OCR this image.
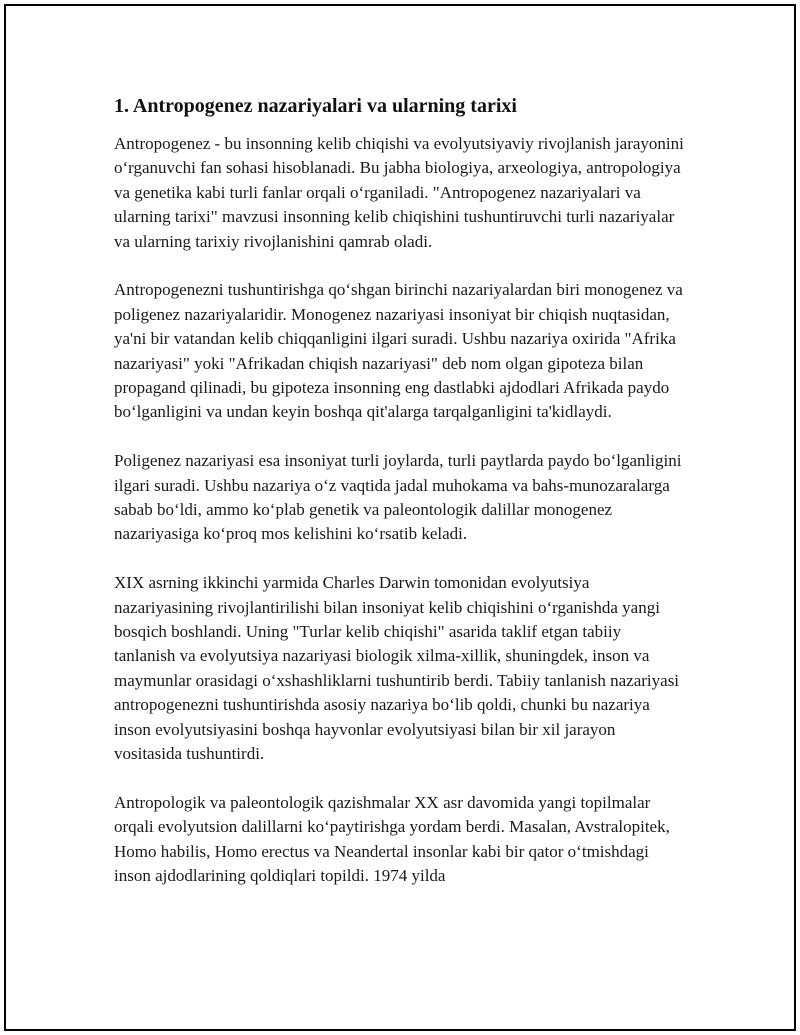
1. Antropogenez nazariyalari va ularning tarixi

Antropogenez - bu insonning kelib chiqishi va evolyutsiyaviy rivojlanish jarayonini oʻrganuvchi fan sohasi hisoblanadi. Bu jabha biologiya, arxeologiya, antropologiya va genetika kabi turli fanlar orqali oʻrganiladi. "Antropogenez nazariyalari va ularning tarixi" mavzusi insonning kelib chiqishini tushuntiruvchi turli nazariyalar va ularning tarixiy rivojlanishini qamrab oladi.

Antropogenezni tushuntirishga qoʻshgan birinchi nazariyalardan biri monogenez va poligenez nazariyalaridir. Monogenez nazariyasi insoniyat bir chiqish nuqtasidan, ya'ni bir vatandan kelib chiqqanligini ilgari suradi. Ushbu nazariya oxirida "Afrika nazariyasi" yoki "Afrikadan chiqish nazariyasi" deb nom olgan gipoteza bilan propagand qilinadi, bu gipoteza insonning eng dastlabki ajdodlari Afrikada paydo boʻlganligini va undan keyin boshqa qit'alarga tarqalganligini ta'kidlaydi.

Poligenez nazariyasi esa insoniyat turli joylarda, turli paytlarda paydo boʻlganligini ilgari suradi. Ushbu nazariya oʻz vaqtida jadal muhokama va bahs-munozaralarga sabab boʻldi, ammo koʻplab genetik va paleontologik dalillar monogenez nazariyasiga koʻproq mos kelishini koʻrsatib keladi.

XIX asrning ikkinchi yarmida Charles Darwin tomonidan evolyutsiya nazariyasining rivojlantirilishi bilan insoniyat kelib chiqishini oʻrganishda yangi bosqich boshlandi. Uning "Turlar kelib chiqishi" asarida taklif etgan tabiiy tanlanish va evolyutsiya nazariyasi biologik xilma-xillik, shuningdek, inson va maymunlar orasidagi oʻxshashliklarni tushuntirib berdi. Tabiiy tanlanish nazariyasi antropogenezni tushuntirishda asosiy nazariya boʻlib qoldi, chunki bu nazariya inson evolyutsiyasini boshqa hayvonlar evolyutsiyasi bilan bir xil jarayon vositasida tushuntirdi.

Antropologik va paleontologik qazishmalar XX asr davomida yangi topilmalar orqali evolyutsion dalillarni koʻpaytirishga yordam berdi. Masalan, Avstralopitek, Homo habilis, Homo erectus va Neandertal insonlar kabi bir qator oʻtmishdagi inson ajdodlarining qoldiqlari topildi. 1974 yilda
